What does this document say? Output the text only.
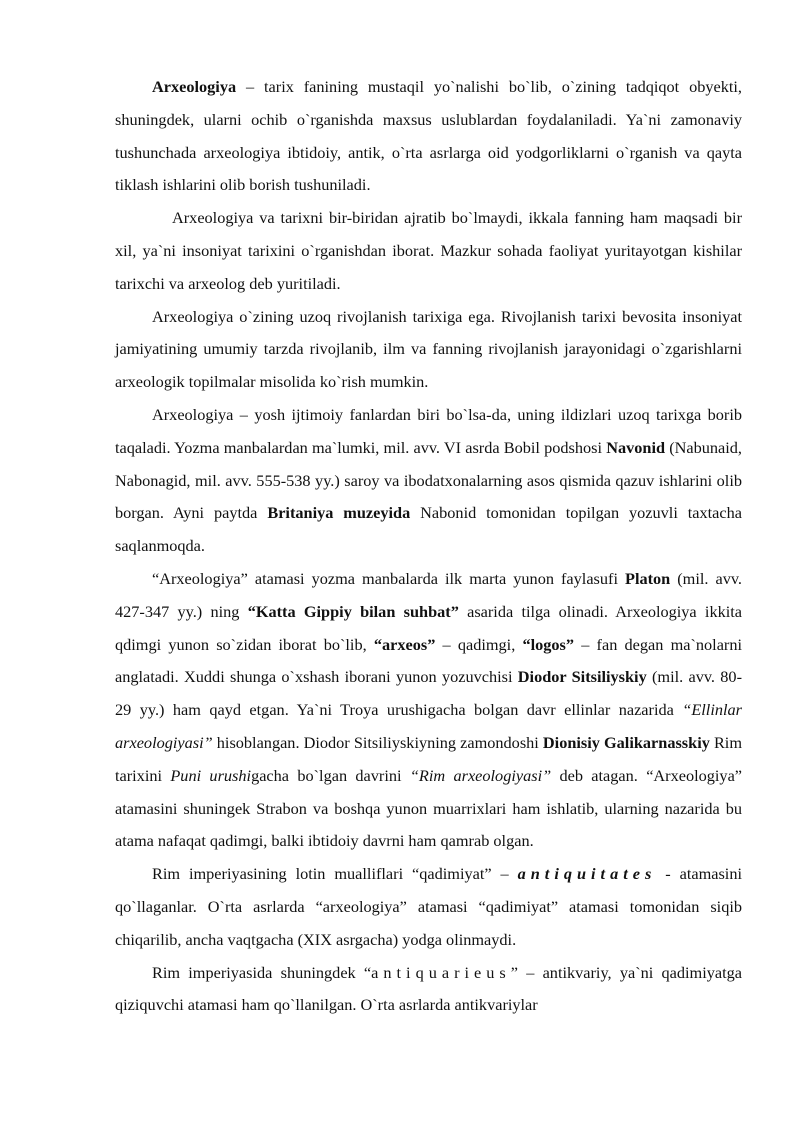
Arxeologiya – tarix fanining mustaqil yo`nalishi bo`lib, o`zining tadqiqot obyekti, shuningdek, ularni ochib o`rganishda maxsus uslublardan foydalaniladi. Ya`ni zamonaviy tushunchada arxeologiya ibtidoiy, antik, o`rta asrlarga oid yodgorliklarni o`rganish va qayta tiklash ishlarini olib borish tushuniladi.

Arxeologiya va tarixni bir-biridan ajratib bo`lmaydi, ikkala fanning ham maqsadi bir xil, ya`ni insoniyat tarixini o`rganishdan iborat. Mazkur sohada faoliyat yuritayotgan kishilar tarixchi va arxeolog deb yuritiladi.

Arxeologiya o`zining uzoq rivojlanish tarixiga ega. Rivojlanish tarixi bevosita insoniyat jamiyatining umumiy tarzda rivojlanib, ilm va fanning rivojlanish jarayonidagi o`zgarishlarni arxeologik topilmalar misolida ko`rish mumkin.

Arxeologiya – yosh ijtimoiy fanlardan biri bo`lsa-da, uning ildizlari uzoq tarixga borib taqaladi. Yozma manbalardan ma`lumki, mil. avv. VI asrda Bobil podshosi Navonid (Nabunaid, Nabonagid, mil. avv. 555-538 yy.) saroy va ibodatxonalarning asos qismida qazuv ishlarini olib borgan. Ayni paytda Britaniya muzeyida Nabonid tomonidan topilgan yozuvli taxtacha saqlanmoqda.

“Arxeologiya” atamasi yozma manbalarda ilk marta yunon faylasufi Platon (mil. avv. 427-347 yy.) ning “Katta Gippiy bilan suhbat” asarida tilga olinadi. Arxeologiya ikkita qdimgi yunon so`zidan iborat bo`lib, “arxeos” – qadimgi, “logos” – fan degan ma`nolarni anglatadi. Xuddi shunga o`xshash iborani yunon yozuvchisi Diodor Sitsiliyskiy (mil. avv. 80-29 yy.) ham qayd etgan. Ya`ni Troya urushigacha bolgan davr ellinlar nazarida “Ellinlar arxeologiyasi” hisoblangan. Diodor Sitsiliyskiyning zamondoshi Dionisiy Galikarnasskiy Rim tarixini Puni urushigacha bo`lgan davrini “Rim arxeologiyasi” deb atagan. “Arxeologiya” atamasini shuningek Strabon va boshqa yunon muarrixlari ham ishlatib, ularning nazarida bu atama nafaqat qadimgi, balki ibtidoiy davrni ham qamrab olgan.

Rim imperiyasining lotin mualliflari “qadimiyat” – antiquitates - atamasini qo`llaganlar. O`rta asrlarda “arxeologiya” atamasi “qadimiyat” atamasi tomonidan siqib chiqarilib, ancha vaqtgacha (XIX asrgacha) yodga olinmaydi.

Rim imperiyasida shuningdek “antiquarieus” – antikvariy, ya`ni qadimiyatga qiziquvchi atamasi ham qo`llanilgan. O`rta asrlarda antikvariylar
